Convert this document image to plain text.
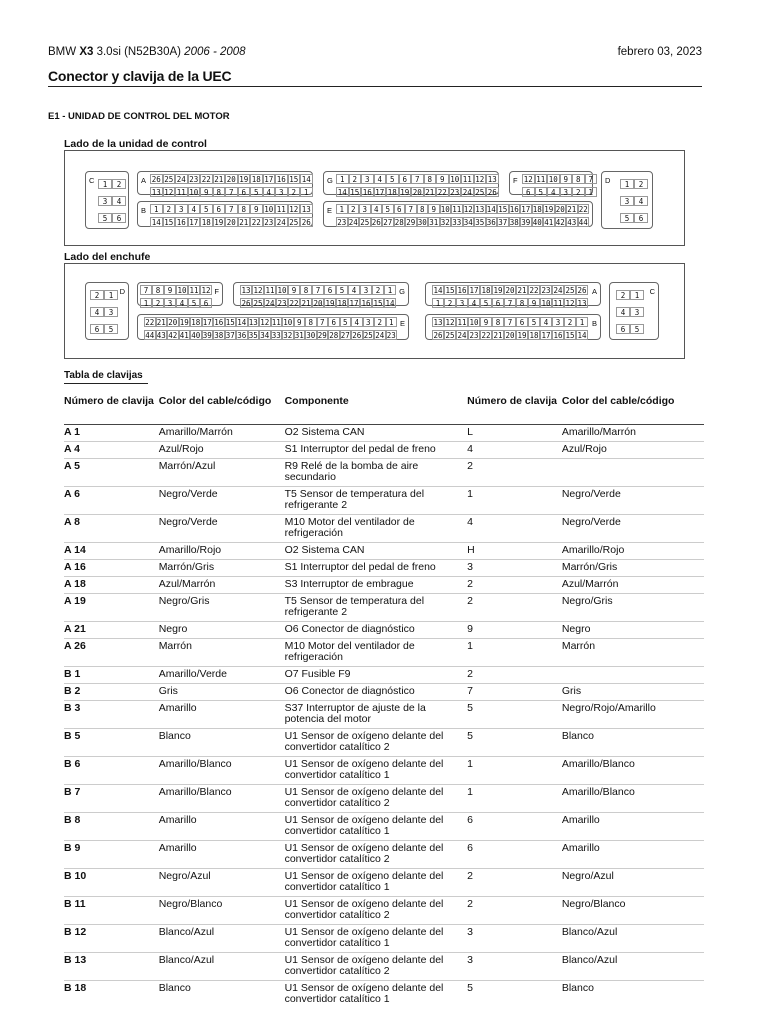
BMW X3 3.0si (N52B30A) 2006 - 2008	febrero 03, 2023
Conector y clavija de la UEC
E1 - UNIDAD DE CONTROL DEL MOTOR
Lado de la unidad de control
C	1	2
3	4
5	6
A 26 25 24 23 22 21 20 19 18 17 16 15 14
13 12 11 10 9	8	7	6	5	4	3	2	1
B	1	2	3	4	5	6	7	8	9 10 11 12 13
14 15 16 17 18 19 20 21 22 23 24 25 26
G 1	2	3	4	5	6	7	8	9 10 11 12 13
14 15 16 17 18 19 20 21 22 23 24 25 26
E 1 2 3 4 5 6 7 8 9 10 11 12 13 14 15 16 17 18 19 20 21 22
23 24 25 26 27 28 29 30 31 32 33 34 35 36 37 38 39 40 41 42 43 44
F 12 11 10 9	8	7
6	5	4	3	2	1
D	1	2
3	4
5	6
Lado del enchufe
D
2	1
4	3
6	5
F
7 8 9 10 11 12
1 2 3 4 5 6
G
13 12 11 10 9 8 7 6 5 4 3 2 1
26 25 24 23 22 21 20 19 18 17 16 15 14
E
22 21 20 19 18 17 16 15 14 13 12 11 10 9 8 7 6 5 4 3 2 1
44 43 42 41 40 39 38 37 36 35 34 33 32 31 30 29 28 27 26 25 24 23
A
14 15 16 17 18 19 20 21 22 23 24 25 26
1 2 3 4 5 6 7 8 9 10 11 12 13
B
13 12 11 10 9 8 7 6 5 4 3 2 1
26 25 24 23 22 21 20 19 18 17 16 15 14
C
2	1
4	3
6	5
Tabla de clavijas
Número de clavija	Color del cable/código	Componente	Número de clavija	Color del cable/código
A 1	Amarillo/Marrón	O2 Sistema CAN	L	Amarillo/Marrón
A 4	Azul/Rojo	S1 Interruptor del pedal de freno	4	Azul/Rojo
A 5	Marrón/Azul	R9 Relé de la bomba de aire secundario	2	
A 6	Negro/Verde	T5 Sensor de temperatura del refrigerante 2	1	Negro/Verde
A 8	Negro/Verde	M10 Motor del ventilador de refrigeración	4	Negro/Verde
A 14	Amarillo/Rojo	O2 Sistema CAN	H	Amarillo/Rojo
A 16	Marrón/Gris	S1 Interruptor del pedal de freno	3	Marrón/Gris
A 18	Azul/Marrón	S3 Interruptor de embrague	2	Azul/Marrón
A 19	Negro/Gris	T5 Sensor de temperatura del refrigerante 2	2	Negro/Gris
A 21	Negro	O6 Conector de diagnóstico	9	Negro
A 26	Marrón	M10 Motor del ventilador de refrigeración	1	Marrón
B 1	Amarillo/Verde	O7 Fusible F9	2	
B 2	Gris	O6 Conector de diagnóstico	7	Gris
B 3	Amarillo	S37 Interruptor de ajuste de la potencia del motor	5	Negro/Rojo/Amarillo
B 5	Blanco	U1 Sensor de oxígeno delante del convertidor catalítico 2	5	Blanco
B 6	Amarillo/Blanco	U1 Sensor de oxígeno delante del convertidor catalítico 1	1	Amarillo/Blanco
B 7	Amarillo/Blanco	U1 Sensor de oxígeno delante del convertidor catalítico 2	1	Amarillo/Blanco
B 8	Amarillo	U1 Sensor de oxígeno delante del convertidor catalítico 1	6	Amarillo
B 9	Amarillo	U1 Sensor de oxígeno delante del convertidor catalítico 2	6	Amarillo
B 10	Negro/Azul	U1 Sensor de oxígeno delante del convertidor catalítico 1	2	Negro/Azul
B 11	Negro/Blanco	U1 Sensor de oxígeno delante del convertidor catalítico 2	2	Negro/Blanco
B 12	Blanco/Azul	U1 Sensor de oxígeno delante del convertidor catalítico 1	3	Blanco/Azul
B 13	Blanco/Azul	U1 Sensor de oxígeno delante del convertidor catalítico 2	3	Blanco/Azul
B 18	Blanco	U1 Sensor de oxígeno delante del convertidor catalítico 1	5	Blanco
